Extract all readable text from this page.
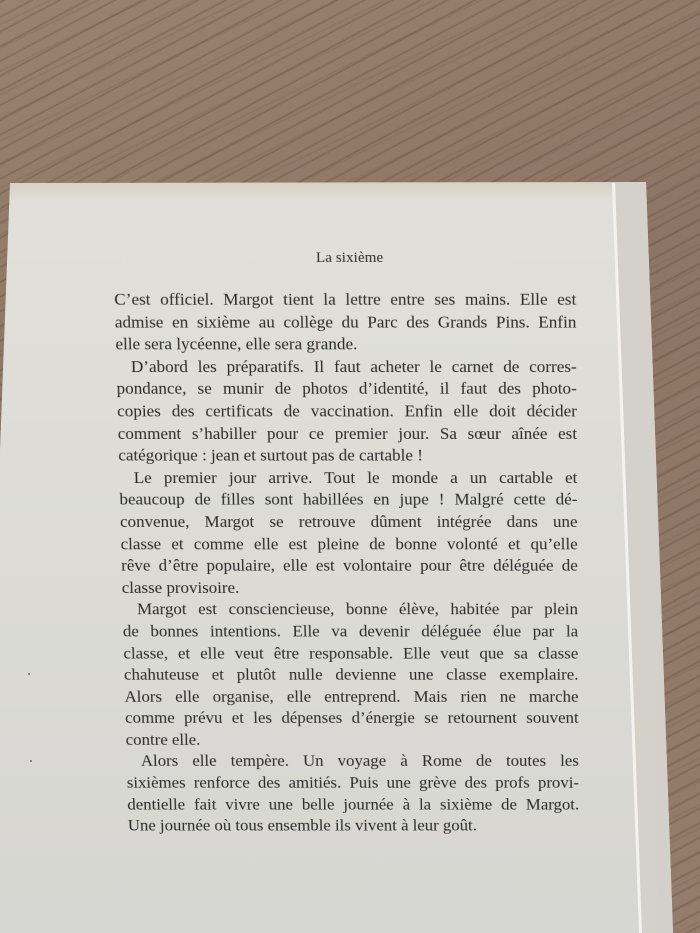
La sixième
C’est officiel. Margot tient la lettre entre ses mains. Elle est
admise en sixième au collège du Parc des Grands Pins. Enfin
elle sera lycéenne, elle sera grande.
D’abord les préparatifs. Il faut acheter le carnet de corres-
pondance, se munir de photos d’identité, il faut des photo-
copies des certificats de vaccination. Enfin elle doit décider
comment s’habiller pour ce premier jour. Sa sœur aînée est
catégorique : jean et surtout pas de cartable !
Le premier jour arrive. Tout le monde a un cartable et
beaucoup de filles sont habillées en jupe ! Malgré cette dé-
convenue, Margot se retrouve dûment intégrée dans une
classe et comme elle est pleine de bonne volonté et qu’elle
rêve d’être populaire, elle est volontaire pour être déléguée de
classe provisoire.
Margot est consciencieuse, bonne élève, habitée par plein
de bonnes intentions. Elle va devenir déléguée élue par la
classe, et elle veut être responsable. Elle veut que sa classe
chahuteuse et plutôt nulle devienne une classe exemplaire.
Alors elle organise, elle entreprend. Mais rien ne marche
comme prévu et les dépenses d’énergie se retournent souvent
contre elle.
Alors elle tempère. Un voyage à Rome de toutes les
sixièmes renforce des amitiés. Puis une grève des profs provi-
dentielle fait vivre une belle journée à la sixième de Margot.
Une journée où tous ensemble ils vivent à leur goût.
